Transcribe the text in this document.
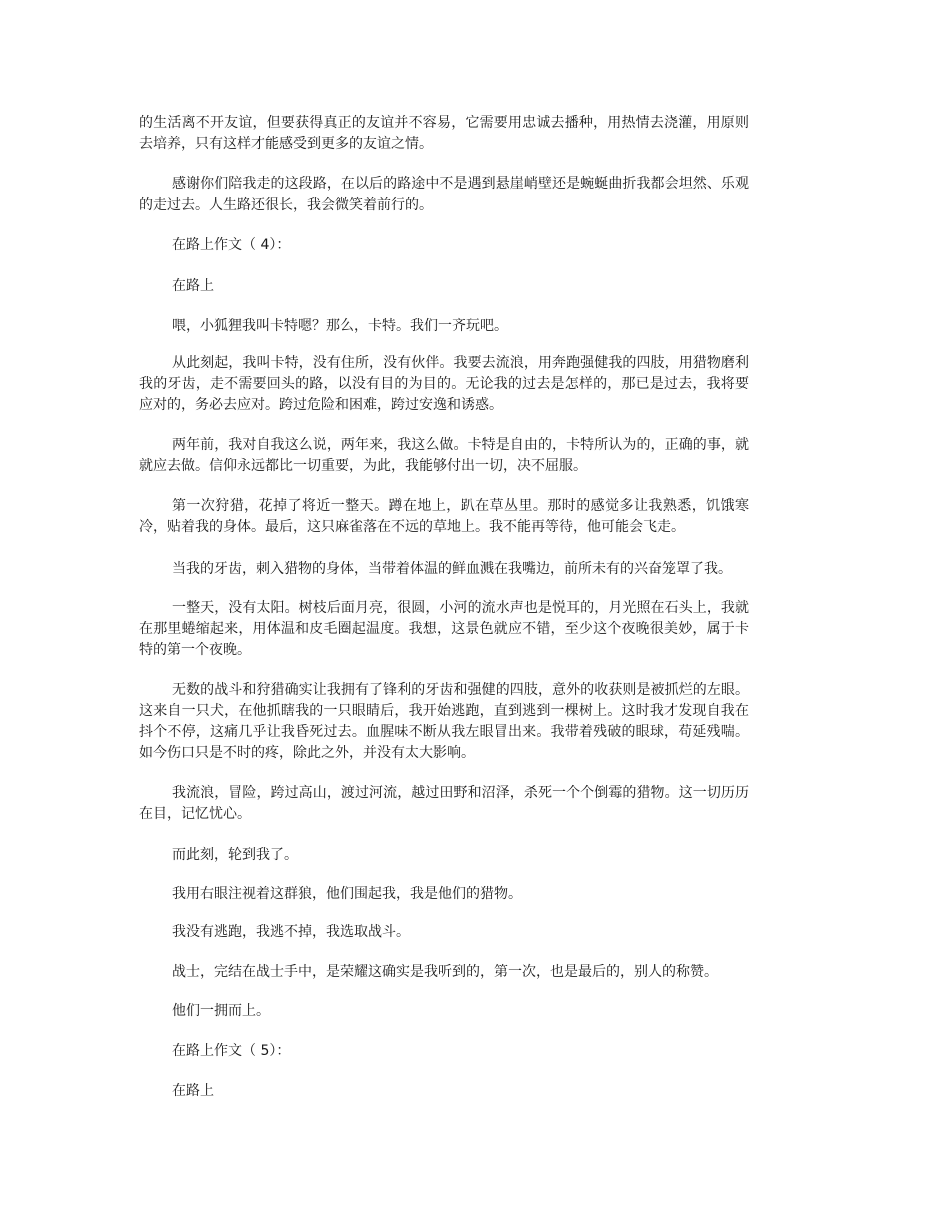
的生活离不开友谊，但要获得真正的友谊并不容易，它需要用忠诚去播种，用热情去浇灌，用原则去培养，只有这样才能感受到更多的友谊之情。

感谢你们陪我走的这段路，在以后的路途中不是遇到悬崖峭壁还是蜿蜒曲折我都会坦然、乐观的走过去。人生路还很长，我会微笑着前行的。

在路上作文（ 4）：

在路上

喂，小狐狸我叫卡特嗯？那么，卡特。我们一齐玩吧。

从此刻起，我叫卡特，没有住所，没有伙伴。我要去流浪，用奔跑强健我的四肢，用猎物磨利我的牙齿，走不需要回头的路，以没有目的为目的。无论我的过去是怎样的，那已是过去，我将要应对的，务必去应对。跨过危险和困难，跨过安逸和诱惑。

两年前，我对自我这么说，两年来，我这么做。卡特是自由的，卡特所认为的，正确的事，就就应去做。信仰永远都比一切重要，为此，我能够付出一切，决不屈服。

第一次狩猎，花掉了将近一整天。蹲在地上，趴在草丛里。那时的感觉多让我熟悉，饥饿寒冷，贴着我的身体。最后，这只麻雀落在不远的草地上。我不能再等待，他可能会飞走。

当我的牙齿，刺入猎物的身体，当带着体温的鲜血溅在我嘴边，前所未有的兴奋笼罩了我。

一整天，没有太阳。树枝后面月亮，很圆，小河的流水声也是悦耳的，月光照在石头上，我就在那里蜷缩起来，用体温和皮毛圈起温度。我想，这景色就应不错，至少这个夜晚很美妙，属于卡特的第一个夜晚。

无数的战斗和狩猎确实让我拥有了锋利的牙齿和强健的四肢，意外的收获则是被抓烂的左眼。这来自一只犬，在他抓瞎我的一只眼睛后，我开始逃跑，直到逃到一棵树上。这时我才发现自我在抖个不停，这痛几乎让我昏死过去。血腥味不断从我左眼冒出来。我带着残破的眼球，苟延残喘。如今伤口只是不时的疼，除此之外，并没有太大影响。

我流浪，冒险，跨过高山，渡过河流，越过田野和沼泽，杀死一个个倒霉的猎物。这一切历历在目，记忆忧心。

而此刻，轮到我了。

我用右眼注视着这群狼，他们围起我，我是他们的猎物。

我没有逃跑，我逃不掉，我选取战斗。

战士，完结在战士手中，是荣耀这确实是我听到的，第一次，也是最后的，别人的称赞。

他们一拥而上。

在路上作文（ 5）：

在路上
